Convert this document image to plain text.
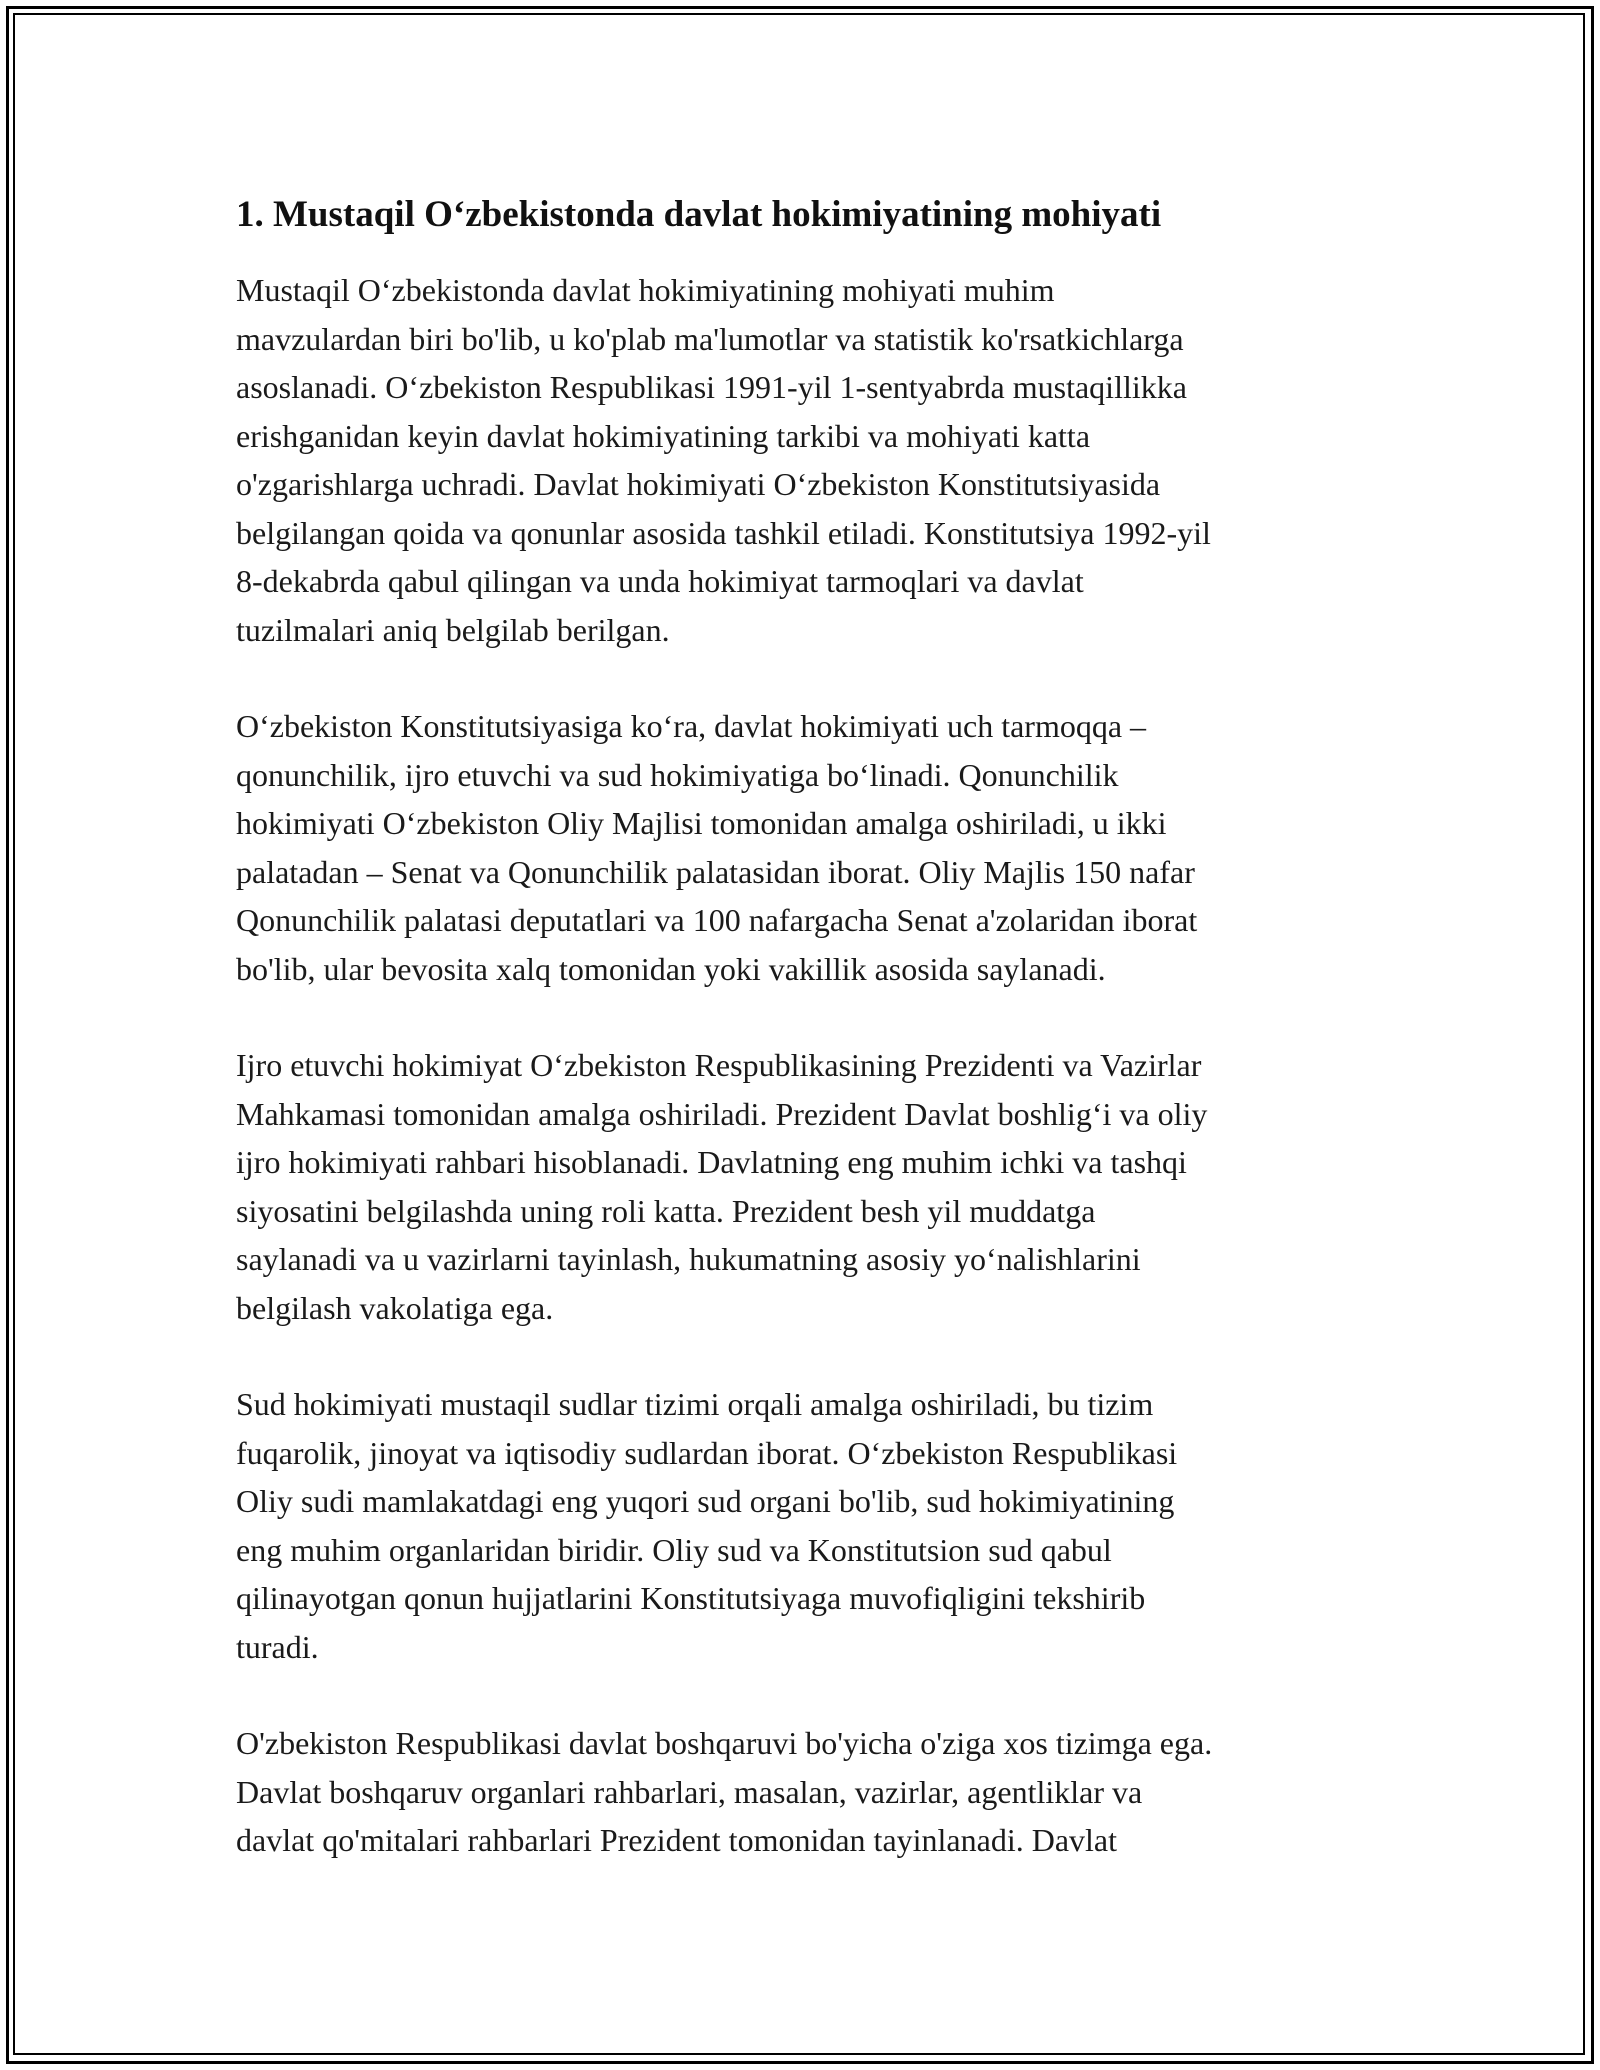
1. Mustaqil O‘zbekistonda davlat hokimiyatining mohiyati

Mustaqil O‘zbekistonda davlat hokimiyatining mohiyati muhim
mavzulardan biri bo'lib, u ko'plab ma'lumotlar va statistik ko'rsatkichlarga
asoslanadi. O‘zbekiston Respublikasi 1991-yil 1-sentyabrda mustaqillikka
erishganidan keyin davlat hokimiyatining tarkibi va mohiyati katta
o'zgarishlarga uchradi. Davlat hokimiyati O‘zbekiston Konstitutsiyasida
belgilangan qoida va qonunlar asosida tashkil etiladi. Konstitutsiya 1992-yil
8-dekabrda qabul qilingan va unda hokimiyat tarmoqlari va davlat
tuzilmalari aniq belgilab berilgan.

O‘zbekiston Konstitutsiyasiga ko‘ra, davlat hokimiyati uch tarmoqqa –
qonunchilik, ijro etuvchi va sud hokimiyatiga bo‘linadi. Qonunchilik
hokimiyati O‘zbekiston Oliy Majlisi tomonidan amalga oshiriladi, u ikki
palatadan – Senat va Qonunchilik palatasidan iborat. Oliy Majlis 150 nafar
Qonunchilik palatasi deputatlari va 100 nafargacha Senat a'zolaridan iborat
bo'lib, ular bevosita xalq tomonidan yoki vakillik asosida saylanadi.

Ijro etuvchi hokimiyat O‘zbekiston Respublikasining Prezidenti va Vazirlar
Mahkamasi tomonidan amalga oshiriladi. Prezident Davlat boshlig‘i va oliy
ijro hokimiyati rahbari hisoblanadi. Davlatning eng muhim ichki va tashqi
siyosatini belgilashda uning roli katta. Prezident besh yil muddatga
saylanadi va u vazirlarni tayinlash, hukumatning asosiy yo‘nalishlarini
belgilash vakolatiga ega.

Sud hokimiyati mustaqil sudlar tizimi orqali amalga oshiriladi, bu tizim
fuqarolik, jinoyat va iqtisodiy sudlardan iborat. O‘zbekiston Respublikasi
Oliy sudi mamlakatdagi eng yuqori sud organi bo'lib, sud hokimiyatining
eng muhim organlaridan biridir. Oliy sud va Konstitutsion sud qabul
qilinayotgan qonun hujjatlarini Konstitutsiyaga muvofiqligini tekshirib
turadi.

O'zbekiston Respublikasi davlat boshqaruvi bo'yicha o'ziga xos tizimga ega.
Davlat boshqaruv organlari rahbarlari, masalan, vazirlar, agentliklar va
davlat qo'mitalari rahbarlari Prezident tomonidan tayinlanadi. Davlat
